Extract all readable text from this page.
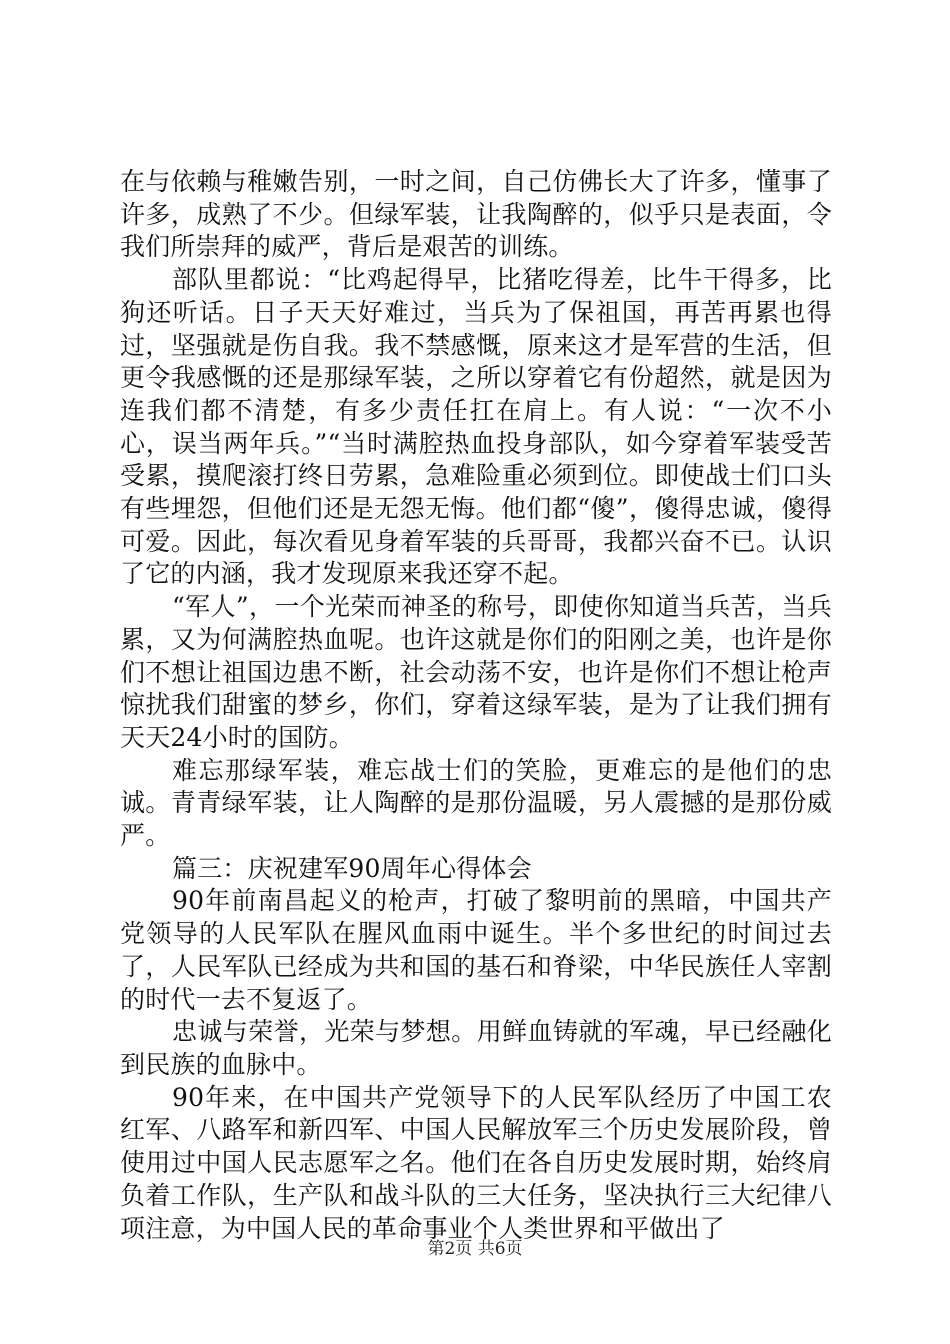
在与依赖与稚嫩告别，一时之间，自己仿佛长大了许多，懂事了许多，成熟了不少。但绿军装，让我陶醉的，似乎只是表面，令我们所崇拜的威严，背后是艰苦的训练。

部队里都说：“比鸡起得早，比猪吃得差，比牛干得多，比狗还听话。日子天天好难过，当兵为了保祖国，再苦再累也得过，坚强就是伤自我。我不禁感慨，原来这才是军营的生活，但更令我感慨的还是那绿军装，之所以穿着它有份超然，就是因为连我们都不清楚，有多少责任扛在肩上。有人说：“一次不小心，误当两年兵。”“当时满腔热血投身部队，如今穿着军装受苦受累，摸爬滚打终日劳累，急难险重必须到位。即使战士们口头有些埋怨，但他们还是无怨无悔。他们都“傻”，傻得忠诚，傻得可爱。因此，每次看见身着军装的兵哥哥，我都兴奋不已。认识了它的内涵，我才发现原来我还穿不起。

“军人”，一个光荣而神圣的称号，即使你知道当兵苦，当兵累，又为何满腔热血呢。也许这就是你们的阳刚之美，也许是你们不想让祖国边患不断，社会动荡不安，也许是你们不想让枪声惊扰我们甜蜜的梦乡，你们，穿着这绿军装，是为了让我们拥有天天24小时的国防。

难忘那绿军装，难忘战士们的笑脸，更难忘的是他们的忠诚。青青绿军装，让人陶醉的是那份温暖，另人震撼的是那份威严。

篇三：庆祝建军90周年心得体会

90年前南昌起义的枪声，打破了黎明前的黑暗，中国共产党领导的人民军队在腥风血雨中诞生。半个多世纪的时间过去了，人民军队已经成为共和国的基石和脊梁，中华民族任人宰割的时代一去不复返了。

忠诚与荣誉，光荣与梦想。用鲜血铸就的军魂，早已经融化到民族的血脉中。

90年来，在中国共产党领导下的人民军队经历了中国工农红军、八路军和新四军、中国人民解放军三个历史发展阶段，曾使用过中国人民志愿军之名。他们在各自历史发展时期，始终肩负着工作队，生产队和战斗队的三大任务，坚决执行三大纪律八项注意，为中国人民的革命事业个人类世界和平做出了

第2页 共6页
